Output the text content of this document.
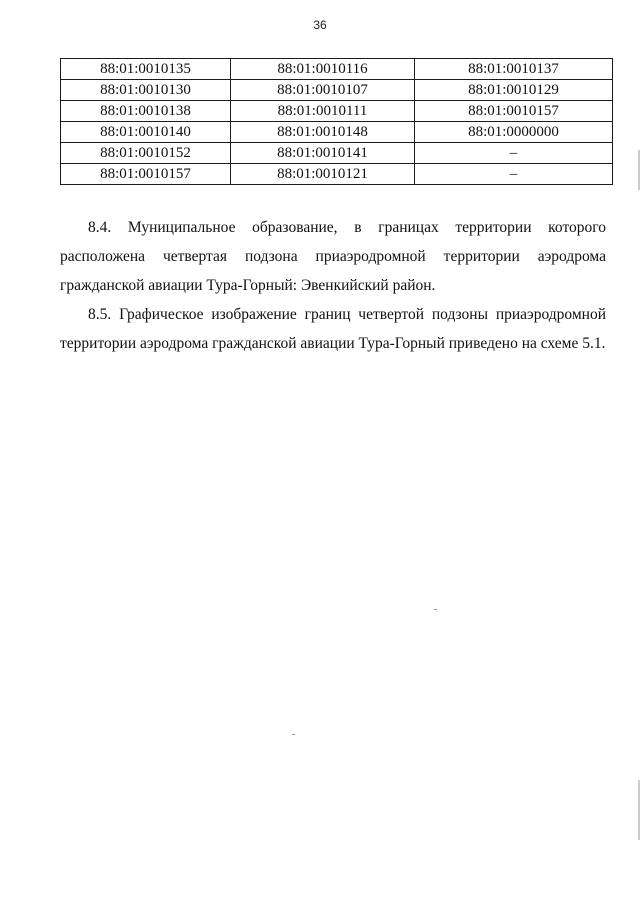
36
88:01:0010135	88:01:0010116	88:01:0010137
88:01:0010130	88:01:0010107	88:01:0010129
88:01:0010138	88:01:0010111	88:01:0010157
88:01:0010140	88:01:0010148	88:01:0000000
88:01:0010152	88:01:0010141	–
88:01:0010157	88:01:0010121	–

8.4. Муниципальное образование, в границах территории которого расположена четвертая подзона приаэродромной территории аэродрома гражданской авиации Тура-Горный: Эвенкийский район.

8.5. Графическое изображение границ четвертой подзоны приаэродромной территории аэродрома гражданской авиации Тура-Горный приведено на схеме 5.1.
